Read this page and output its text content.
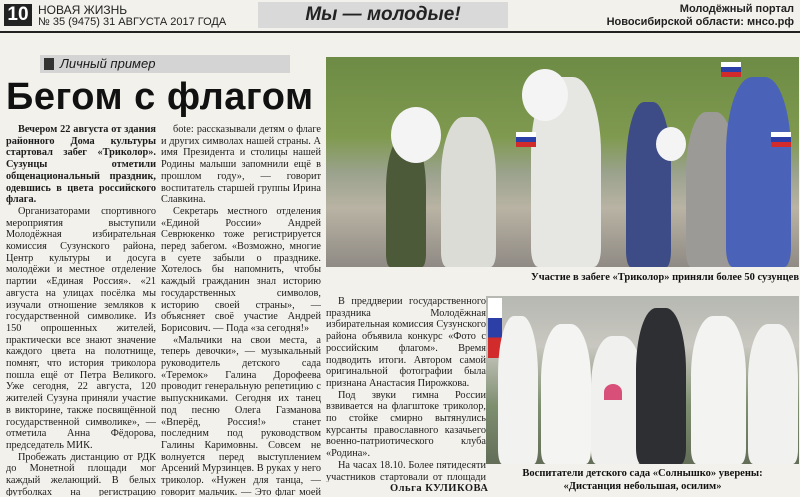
10 НОВАЯ ЖИЗНЬ
№ 35 (9475) 31 АВГУСТА 2017 ГОДА	Мы — молодые!	Молодёжный портал
Новосибирской области: мнсо.рф
Личный пример
Бегом с флагом

Вечером 22 августа от здания районного Дома культуры стартовал забег «Триколор». Сузунцы отметили общенациональный праздник, одевшись в цвета российского флага.

Организаторами спортивного мероприятия выступили Молодёжная избирательная комиссия Сузунского района, Центр культуры и досуга молодёжи и местное отделение партии «Единая Россия». «21 августа на улицах посёлка мы изучали отношение земляков к государственной символике. Из 150 опрошенных жителей, практически все знают значение каждого цвета на полотнище, помнят, что история триколора пошла ещё от Петра Великого. Уже сегодня, 22 августа, 120 жителей Сузуна приняли участие в викторине, также посвящённой государственной символике», — отметила Анна Фёдорова, председатель МИК.

Пробежать дистанцию от РДК до Монетной площади мог каждый желающий. В белых футболках на регистрацию

бote: рассказывали детям о флаге и других символах нашей страны. А имя Президента и столицы нашей Родины малыши запомнили ещё в прошлом году», — говорит воспитатель старшей группы Ирина Славкина.

Секретарь местного отделения «Единой России» Андрей Севрюкенко тоже регистрируется перед забегом. «Возможно, многие в суете забыли о празднике. Хотелось бы напомнить, чтобы каждый гражданин знал историю государственных символов, историю своей страны», — объясняет своё участие Андрей Борисович. — Пода «за сегодня!»

«Мальчики на свои места, а теперь девочки», — музыкальный руководитель детского сада «Теремок» Галина Дорофеева проводит генеральную репетицию с выпускниками. Сегодня их танец под песню Олега Газманова «Вперёд, Россия!» станет последним под руководством Галины Каримовны. Совсем не волнуется перед выступлением Арсений Мурзинцев. В руках у него триколор. «Нужен для танца, — говорит мальчик. — Это флаг моей

Участие в забеге «Триколор» приняли более 50 сузунцев

В преддверии государственного праздника Молодёжная избирательная комиссия Сузунского района объявила конкурс «Фото с российским флагом». Время подводить итоги. Автором самой оригинальной фотографии была признана Анастасия Пирожкова.

Под звуки гимна России взвивается на флагштоке триколор, по стойке смирно вытянулись курсанты православного казачьего военно-патриотического клуба «Родина».

На часах 18.10. Более пятидесяти участников стартовали от площади

Ольга КУЛИКОВА
Воспитатели детского сада «Солнышко» уверены:
«Дистанция небольшая, осилим»
